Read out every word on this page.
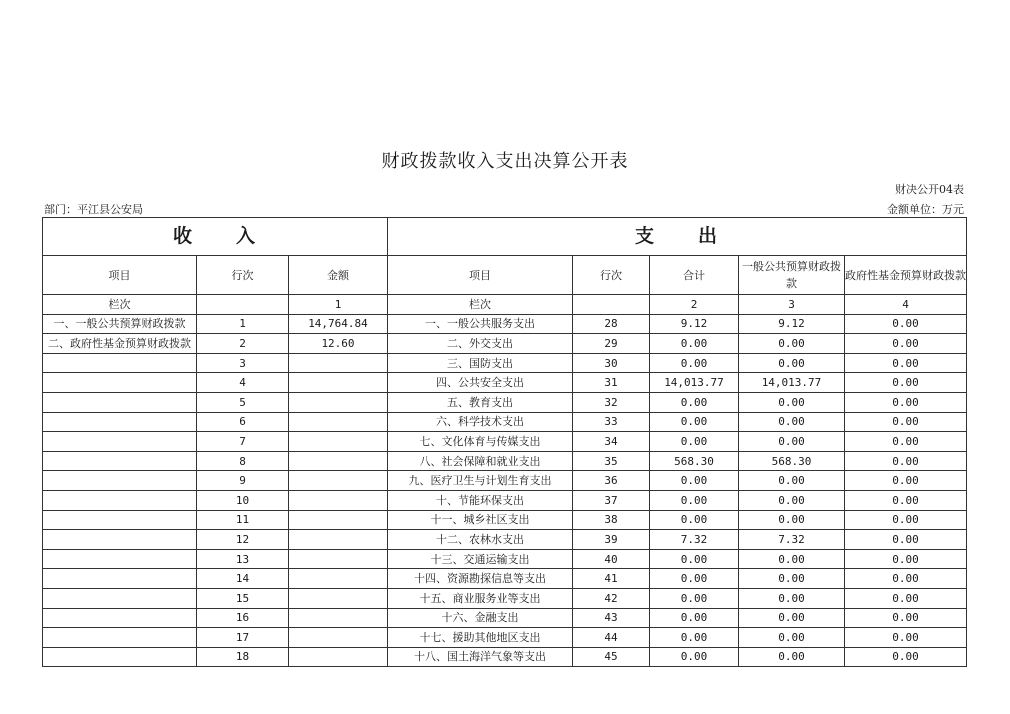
财政拨款收入支出决算公开表
财决公开04表
部门：平江县公安局	金额单位：万元
收　　入			支　　出				
项目	行次	金额	项目	行次	合计	一般公共预算财政拨款	政府性基金预算财政拨款
栏次		1	栏次		2	3	4
一、一般公共预算财政拨款	1	14,764.84	一、一般公共服务支出	28	9.12	9.12	0.00
二、政府性基金预算财政拨款	2	12.60	二、外交支出	29	0.00	0.00	0.00
	3		三、国防支出	30	0.00	0.00	0.00
	4		四、公共安全支出	31	14,013.77	14,013.77	0.00
	5		五、教育支出	32	0.00	0.00	0.00
	6		六、科学技术支出	33	0.00	0.00	0.00
	7		七、文化体育与传媒支出	34	0.00	0.00	0.00
	8		八、社会保障和就业支出	35	568.30	568.30	0.00
	9		九、医疗卫生与计划生育支出	36	0.00	0.00	0.00
	10		十、节能环保支出	37	0.00	0.00	0.00
	11		十一、城乡社区支出	38	0.00	0.00	0.00
	12		十二、农林水支出	39	7.32	7.32	0.00
	13		十三、交通运输支出	40	0.00	0.00	0.00
	14		十四、资源勘探信息等支出	41	0.00	0.00	0.00
	15		十五、商业服务业等支出	42	0.00	0.00	0.00
	16		十六、金融支出	43	0.00	0.00	0.00
	17		十七、援助其他地区支出	44	0.00	0.00	0.00
	18		十八、国土海洋气象等支出	45	0.00	0.00	0.00
